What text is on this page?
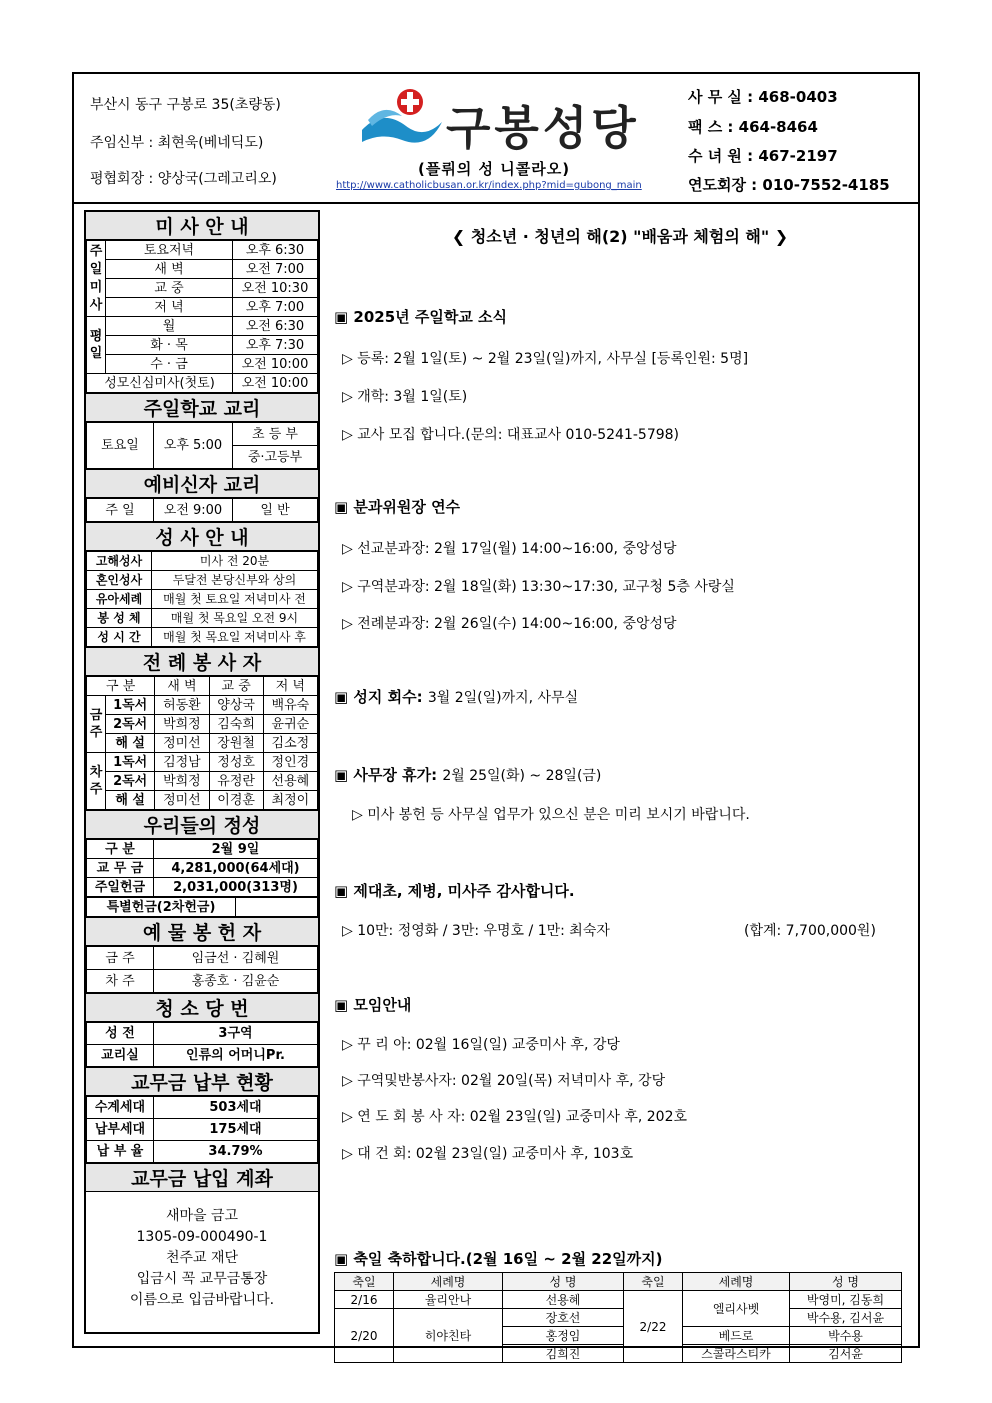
부산시 동구 구봉로 35(초량동)
주임신부 : 최현욱(베네딕도)
평협회장 : 양상국(그레고리오)
구봉성당
(플뤼의 성 니콜라오)
http://www.catholicbusan.or.kr/index.php?mid=gubong_main
사 무 실 : 468-0403
팩 스 : 464-8464
수 녀 원 : 467-2197
연도회장 : 010-7552-4185
미 사 안 내
주일미사	토요저녁	오후 6:30
	새 벽	오전 7:00
	교 중	오전 10:30
	저 녁	오후 7:00
평일	월	오전 6:30
	화 · 목	오후 7:30
	수 · 금	오전 10:00
성모신심미사(첫토)		오전 10:00
주일학교 교리
토요일	오후 5:00	초 등 부
중·고등부
예비신자 교리
주 일	오전 9:00	일 반
성 사 안 내
고해성사	미사 전 20분
혼인성사	두달전 본당신부와 상의
유아세례	매월 첫 토요일 저녁미사 전
봉 성 체	매월 첫 목요일 오전 9시
성 시 간	매월 첫 목요일 저녁미사 후
전 례 봉 사 자
구 분		새 벽	교 중	저 녁
금주	1독서	허동환	양상국	백유숙
	2독서	박희정	김숙희	윤귀순
	해 설	정미선	장원철	김소정
차주	1독서	김정남	정성호	정인경
	2독서	박희정	유정란	선용혜
	해 설	정미선	이경훈	최정이
우리들의 정성
구 분	2월 9일
교 무 금	4,281,000(64세대)
주일헌금	2,031,000(313명)
특별헌금(2차헌금)	
예 물 봉 헌 자
금 주	임금선 · 김혜원
차 주	홍종호 · 김윤순
청 소 당 번
성 전	3구역
교리실	인류의 어머니Pr.
교무금 납부 현황
수계세대	503세대
납부세대	175세대
납 부 율	34.79%
교무금 납입 계좌
새마을 금고
1305-09-000490-1
천주교 재단
입금시 꼭 교무금통장
이름으로 입금바랍니다.
❮ 청소년 · 청년의 해(2) "배움과 체험의 해" ❯
▣ 2025년 주일학교 소식
▷ 등록: 2월 1일(토) ~ 2월 23일(일)까지, 사무실 [등록인원: 5명]
▷ 개학: 3월 1일(토)
▷ 교사 모집 합니다.(문의: 대표교사 010-5241-5798)
▣ 분과위원장 연수
▷ 선교분과장: 2월 17일(월) 14:00~16:00, 중앙성당
▷ 구역분과장: 2월 18일(화) 13:30~17:30, 교구청 5층 사랑실
▷ 전례분과장: 2월 26일(수) 14:00~16:00, 중앙성당
▣ 성지 회수: 3월 2일(일)까지, 사무실
▣ 사무장 휴가: 2월 25일(화) ~ 28일(금)
▷ 미사 봉헌 등 사무실 업무가 있으신 분은 미리 보시기 바랍니다.
▣ 제대초, 제병, 미사주 감사합니다.
▷ 10만: 정영화 / 3만: 우명호 / 1만: 최숙자	(합계: 7,700,000원)
▣ 모임안내
▷ 꾸 리 아: 02월 16일(일) 교중미사 후, 강당
▷ 구역및반봉사자: 02월 20일(목) 저녁미사 후, 강당
▷ 연 도 회 봉 사 자: 02월 23일(일) 교중미사 후, 202호
▷ 대 건 회: 02월 23일(일) 교중미사 후, 103호
▣ 축일 축하합니다.(2월 16일 ~ 2월 22일까지)
축일	세례명	성 명	축일	세례명	성 명
2/16	율리안나	선용혜	2/22	엘리사벳	박영미, 김동희
2/20	히야친타	장호선			박수용, 김서윤
		홍정임		베드로	박수용
		김희진		스콜라스티카	김서윤
